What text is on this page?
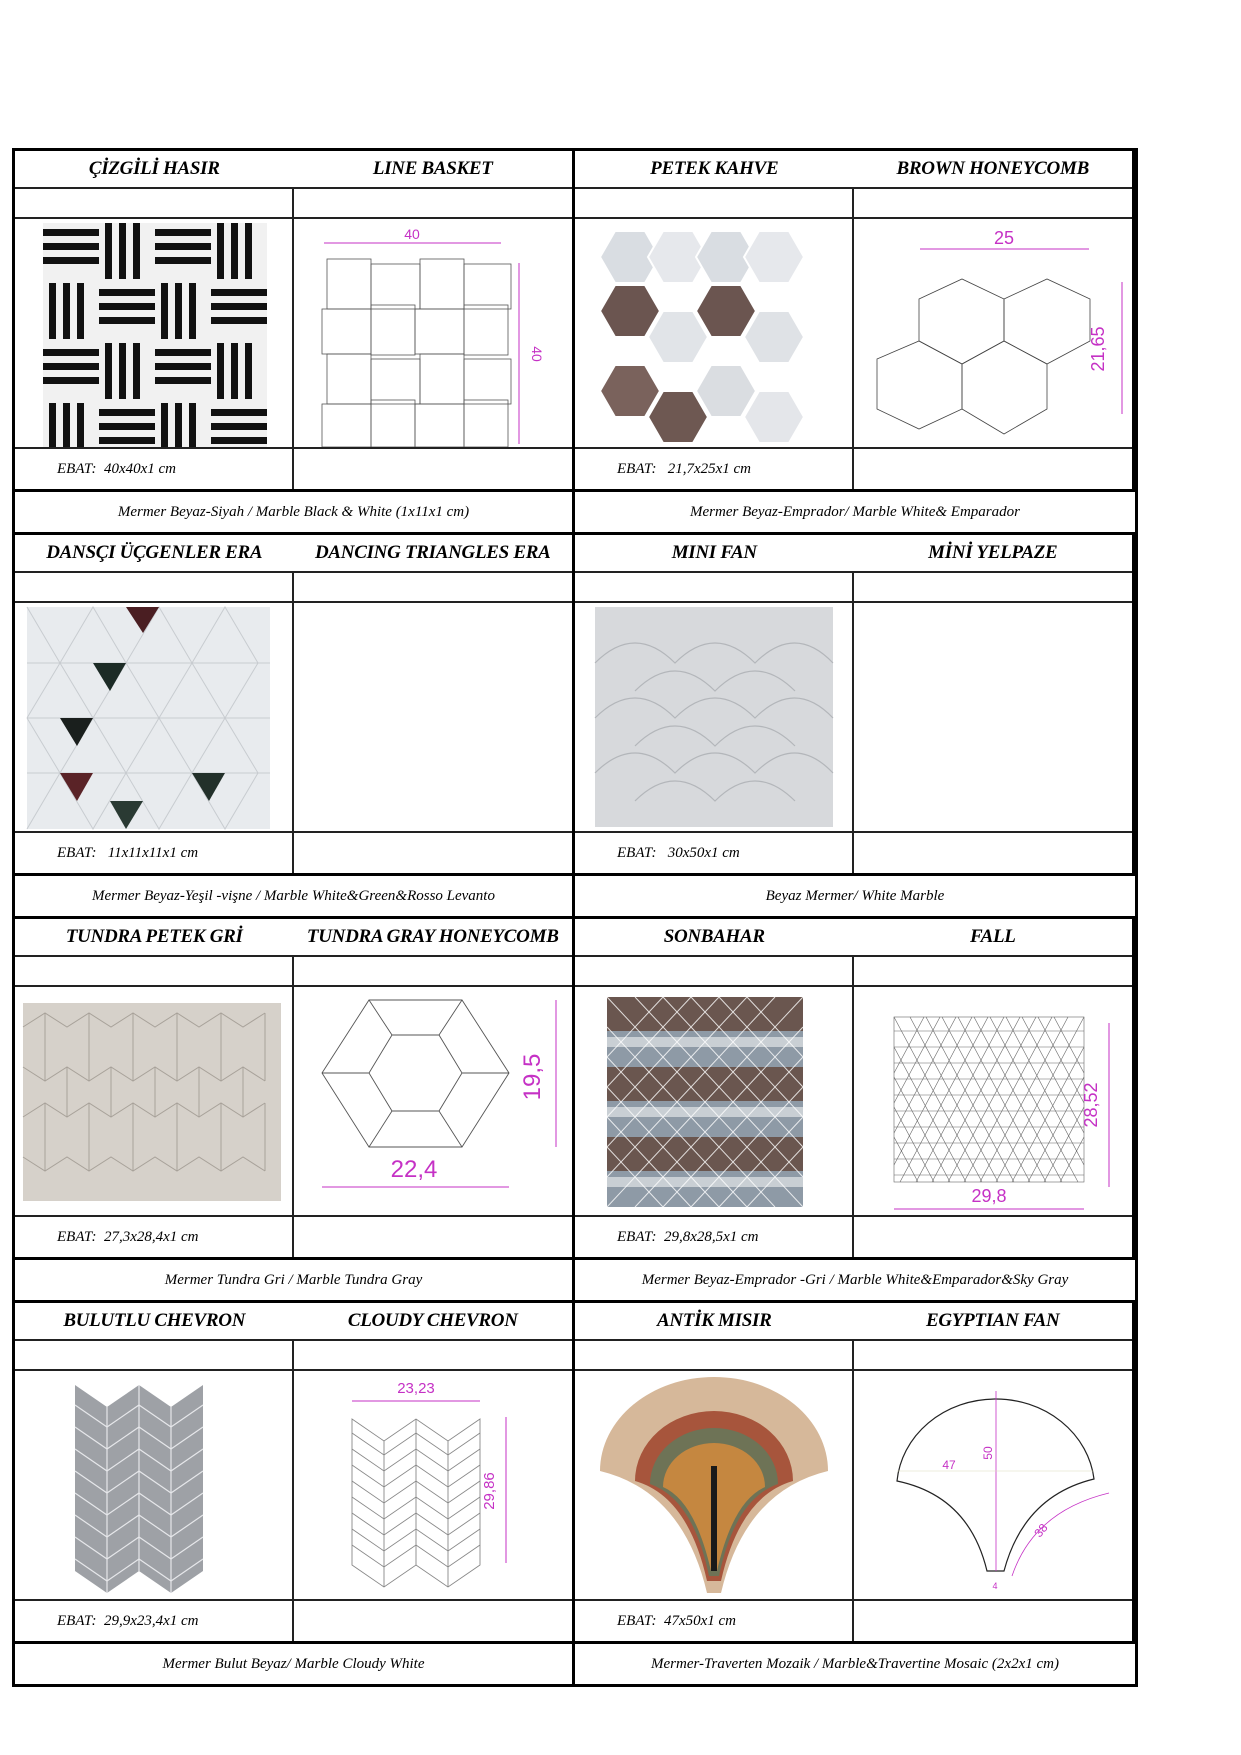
ÇİZGİLİ HASIR	LINE BASKET
40
40
EBAT:
40x40x1 cm
PETEK KAHVE	BROWN HONEYCOMB
25
21,65
EBAT:
21,7x25x1 cm
Mermer Beyaz-Siyah / Marble Black & White (1x11x1 cm)	Mermer Beyaz-Emprador/ Marble White& Emparador
DANSÇI ÜÇGENLER ERA	DANCING TRIANGLES ERA
EBAT:
11x11x11x1 cm
MINI FAN	MİNİ YELPAZE
EBAT:
30x50x1 cm
Mermer Beyaz-Yeşil -vişne / Marble White&Green&Rosso Levanto	Beyaz Mermer/ White Marble
TUNDRA PETEK GRİ	TUNDRA GRAY HONEYCOMB
22,4
19,5
EBAT:
27,3x28,4x1 cm
SONBAHAR	FALL
29,8
28,52
EBAT:
29,8x28,5x1 cm
Mermer Tundra Gri / Marble Tundra Gray	Mermer Beyaz-Emprador -Gri / Marble White&Emparador&Sky Gray
BULUTLU CHEVRON	CLOUDY CHEVRON
23,23
29,86
EBAT:
29,9x23,4x1 cm
ANTİK MISIR	EGYPTIAN FAN
50
47
38
4
EBAT:
47x50x1 cm
Mermer Bulut Beyaz/ Marble Cloudy White	Mermer-Traverten Mozaik / Marble&Travertine Mosaic (2x2x1 cm)
